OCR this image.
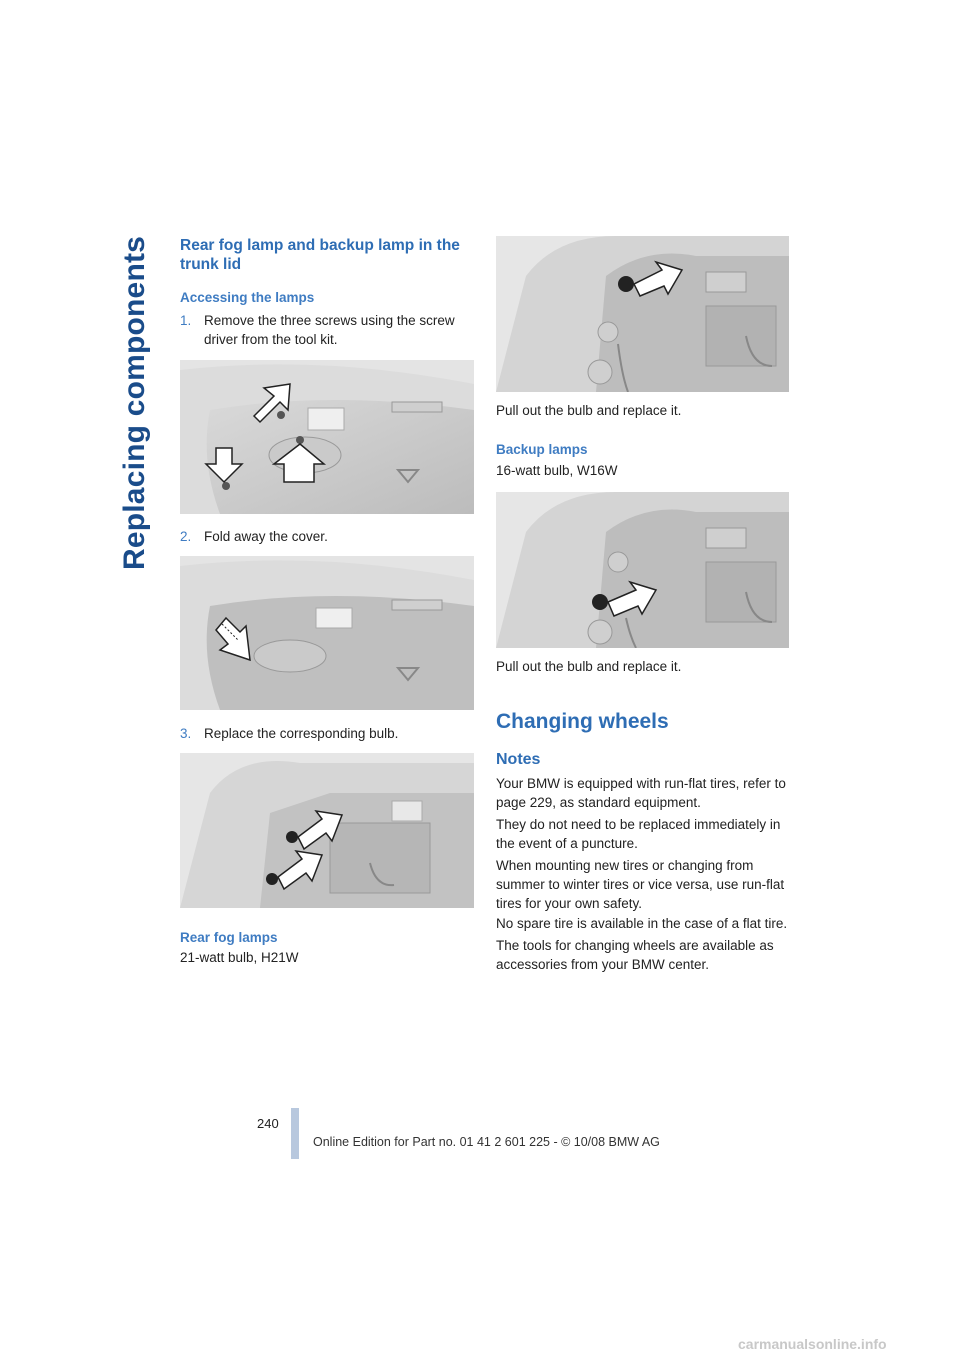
Replacing components Rear fog lamp and backup lamp in the trunk lid
Accessing the lamps
1. Remove the three screws using the screw driver from the tool kit.
2. Fold away the cover.
3. Replace the corresponding bulb.
Rear fog lamps
21-watt bulb, H21W
Pull out the bulb and replace it.
Backup lamps
16-watt bulb, W16W
Pull out the bulb and replace it.
Changing wheels
Notes
Your BMW is equipped with run-flat tires, refer to page 229, as standard equipment.
They do not need to be replaced immediately in the event of a puncture.
When mounting new tires or changing from summer to winter tires or vice versa, use run-flat tires for your own safety.
No spare tire is available in the case of a flat tire.
The tools for changing wheels are available as accessories from your BMW center.
240
Online Edition for Part no. 01 41 2 601 225 - © 10/08 BMW AG
carmanualsonline.info
